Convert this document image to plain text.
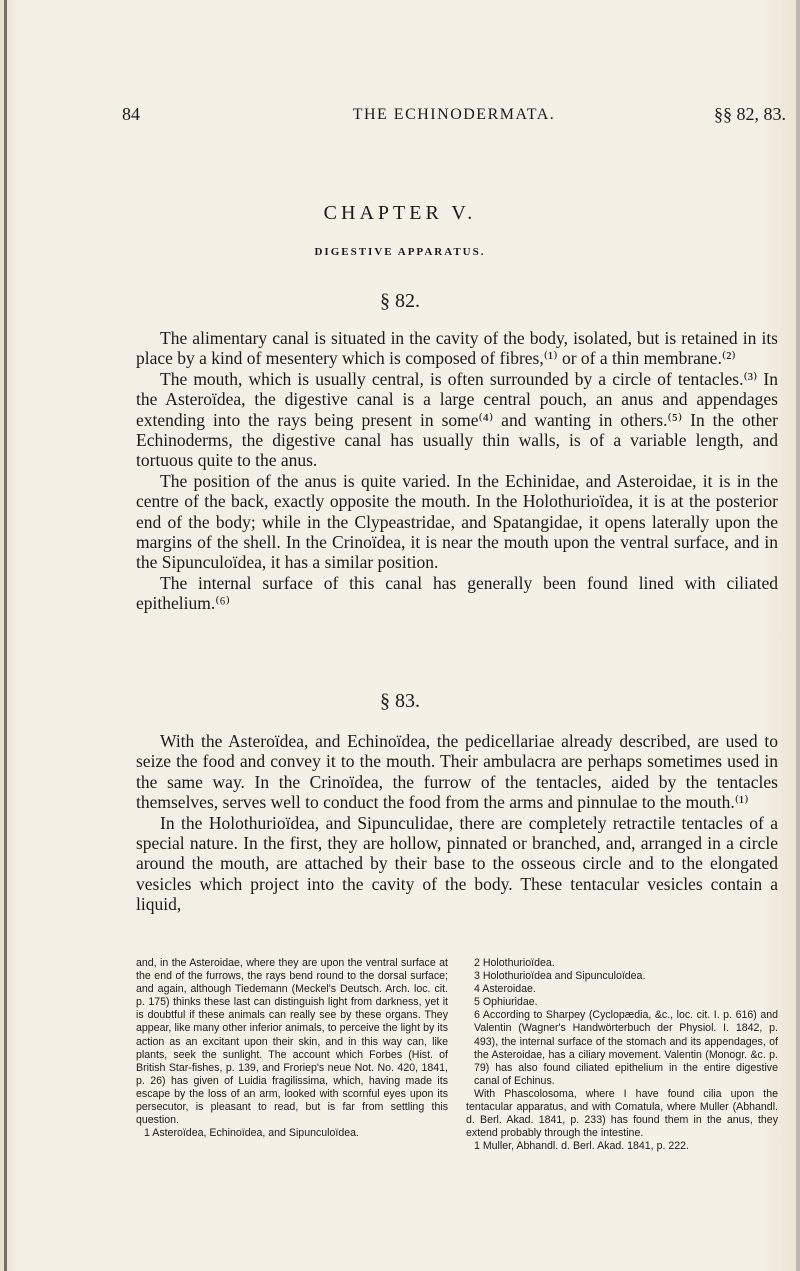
84	THE ECHINODERMATA.	§§ 82, 83.
CHAPTER V.
DIGESTIVE APPARATUS.
§ 82.

The alimentary canal is situated in the cavity of the body, isolated, but is retained in its place by a kind of mesentery which is composed of fibres,⁽¹⁾ or of a thin membrane.⁽²⁾

The mouth, which is usually central, is often surrounded by a circle of tentacles.⁽³⁾ In the Asteroïdea, the digestive canal is a large central pouch, an anus and appendages extending into the rays being present in some⁽⁴⁾ and wanting in others.⁽⁵⁾ In the other Echinoderms, the digestive canal has usually thin walls, is of a variable length, and tortuous quite to the anus.

The position of the anus is quite varied. In the Echinidae, and Asteroidae, it is in the centre of the back, exactly opposite the mouth. In the Holothurioïdea, it is at the posterior end of the body; while in the Clypeastridae, and Spatangidae, it opens laterally upon the margins of the shell. In the Crinoïdea, it is near the mouth upon the ventral surface, and in the Sipunculoïdea, it has a similar position.

The internal surface of this canal has generally been found lined with ciliated epithelium.⁽⁶⁾

§ 83.

With the Asteroïdea, and Echinoïdea, the pedicellariae already described, are used to seize the food and convey it to the mouth. Their ambulacra are perhaps sometimes used in the same way. In the Crinoïdea, the furrow of the tentacles, aided by the tentacles themselves, serves well to conduct the food from the arms and pinnulae to the mouth.⁽¹⁾

In the Holothurioïdea, and Sipunculidae, there are completely retractile tentacles of a special nature. In the first, they are hollow, pinnated or branched, and, arranged in a circle around the mouth, are attached by their base to the osseous circle and to the elongated vesicles which project into the cavity of the body. These tentacular vesicles contain a liquid,

and, in the Asteroidae, where they are upon the ventral surface at the end of the furrows, the rays bend round to the dorsal surface; and again, although Tiedemann (Meckel's Deutsch. Arch. loc. cit. p. 175) thinks these last can distinguish light from darkness, yet it is doubtful if these animals can really see by these organs. They appear, like many other inferior animals, to perceive the light by its action as an excitant upon their skin, and in this way can, like plants, seek the sunlight. The account which Forbes (Hist. of British Star-fishes, p. 139, and Froriep's neue Not. No. 420, 1841, p. 26) has given of Luidia fragilissima, which, having made its escape by the loss of an arm, looked with scornful eyes upon its persecutor, is pleasant to read, but is far from settling this question.

1 Asteroïdea, Echinoïdea, and Sipunculoïdea.

2 Holothurioïdea.

3 Holothurioïdea and Sipunculoïdea.

4 Asteroidae.

5 Ophiuridae.

6 According to Sharpey (Cyclopædia, &c., loc. cit. I. p. 616) and Valentin (Wagner's Handwörterbuch der Physiol. I. 1842, p. 493), the internal surface of the stomach and its appendages, of the Asteroidae, has a ciliary movement. Valentin (Monogr. &c. p. 79) has also found ciliated epithelium in the entire digestive canal of Echinus.

With Phascolosoma, where I have found cilia upon the tentacular apparatus, and with Comatula, where Muller (Abhandl. d. Berl. Akad. 1841, p. 233) has found them in the anus, they extend probably through the intestine.

1 Muller, Abhandl. d. Berl. Akad. 1841, p. 222.
